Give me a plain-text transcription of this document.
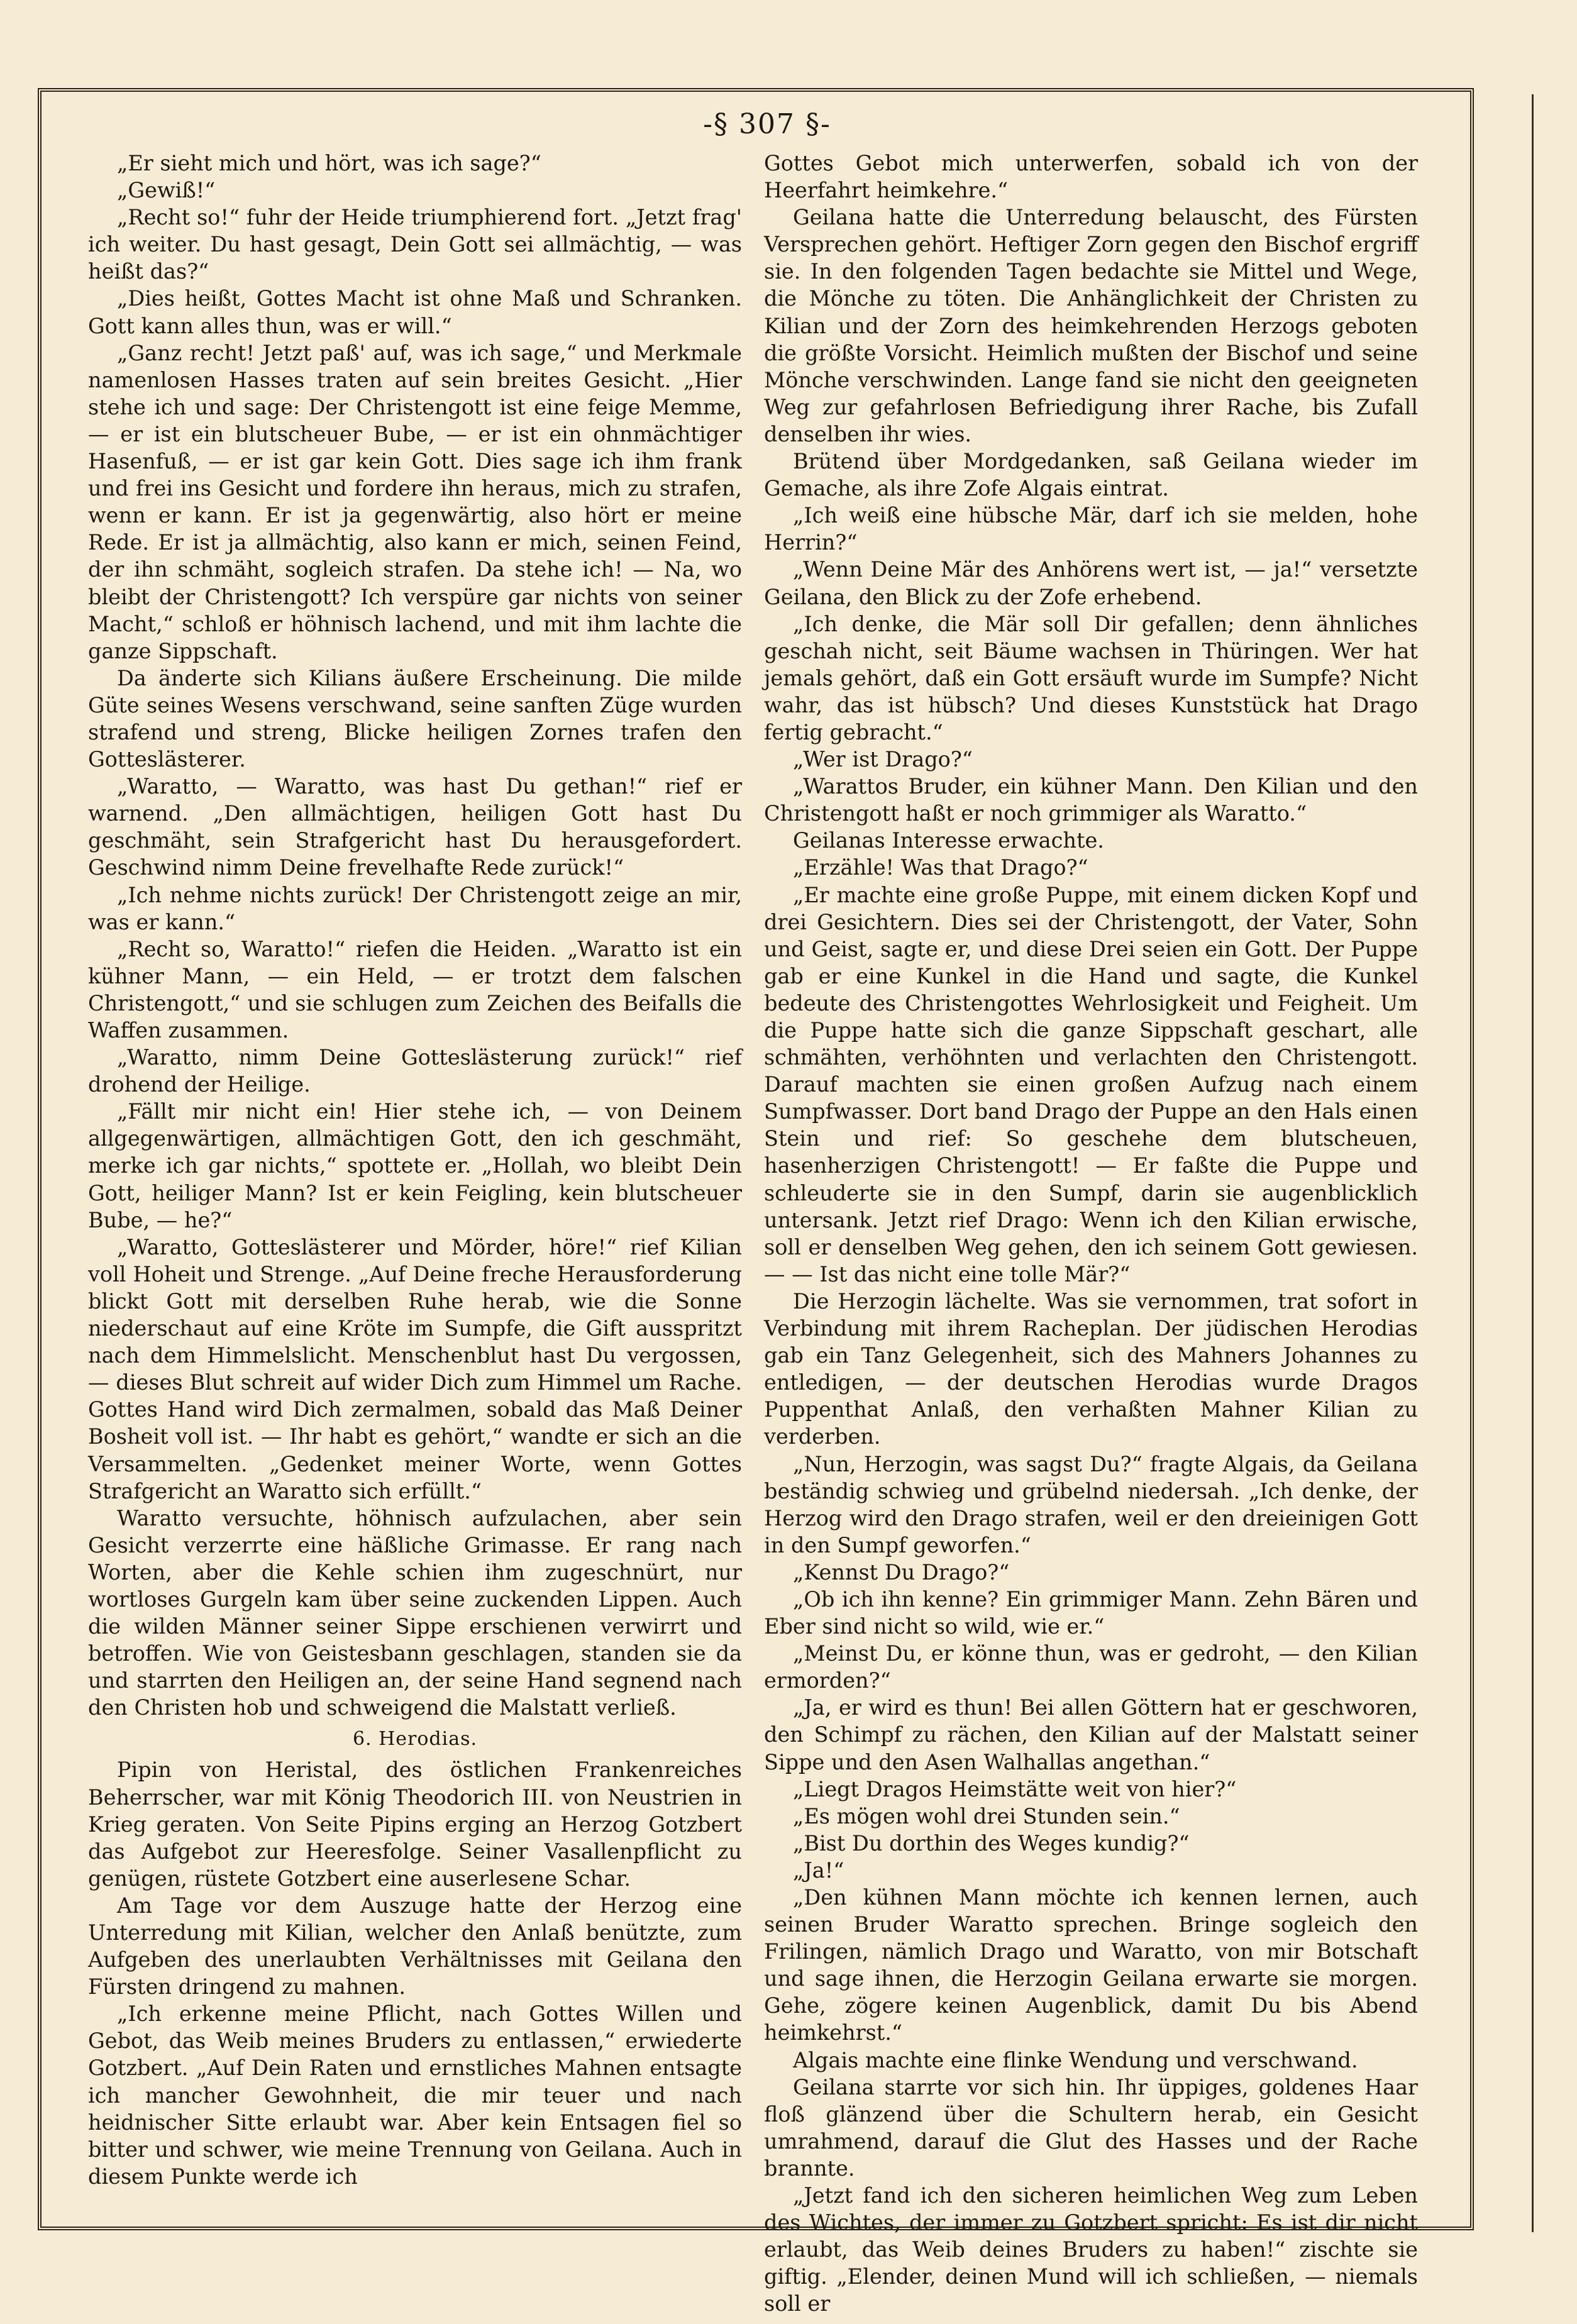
-§ 307 §-

„Er sieht mich und hört, was ich sage?“

„Gewiß!“

„Recht so!“ fuhr der Heide triumphierend fort. „Jetzt frag' ich weiter. Du hast gesagt, Dein Gott sei allmächtig, — was heißt das?“

„Dies heißt, Gottes Macht ist ohne Maß und Schranken. Gott kann alles thun, was er will.“

„Ganz recht! Jetzt paß' auf, was ich sage,“ und Merkmale namenlosen Hasses traten auf sein breites Gesicht. „Hier stehe ich und sage: Der Christengott ist eine feige Memme, — er ist ein blutscheuer Bube, — er ist ein ohnmächtiger Hasenfuß, — er ist gar kein Gott. Dies sage ich ihm frank und frei ins Gesicht und fordere ihn heraus, mich zu strafen, wenn er kann. Er ist ja gegenwärtig, also hört er meine Rede. Er ist ja allmächtig, also kann er mich, seinen Feind, der ihn schmäht, sogleich strafen. Da stehe ich! — Na, wo bleibt der Christengott? Ich verspüre gar nichts von seiner Macht,“ schloß er höhnisch lachend, und mit ihm lachte die ganze Sippschaft.

Da änderte sich Kilians äußere Erscheinung. Die milde Güte seines Wesens verschwand, seine sanften Züge wurden strafend und streng, Blicke heiligen Zornes trafen den Gotteslästerer.

„Waratto, — Waratto, was hast Du gethan!“ rief er warnend. „Den allmächtigen, heiligen Gott hast Du geschmäht, sein Strafgericht hast Du herausgefordert. Geschwind nimm Deine frevelhafte Rede zurück!“

„Ich nehme nichts zurück! Der Christengott zeige an mir, was er kann.“

„Recht so, Waratto!“ riefen die Heiden. „Waratto ist ein kühner Mann, — ein Held, — er trotzt dem falschen Christengott,“ und sie schlugen zum Zeichen des Beifalls die Waffen zusammen.

„Waratto, nimm Deine Gotteslästerung zurück!“ rief drohend der Heilige.

„Fällt mir nicht ein! Hier stehe ich, — von Deinem allgegenwärtigen, allmächtigen Gott, den ich geschmäht, merke ich gar nichts,“ spottete er. „Hollah, wo bleibt Dein Gott, heiliger Mann? Ist er kein Feigling, kein blutscheuer Bube, — he?“

„Waratto, Gotteslästerer und Mörder, höre!“ rief Kilian voll Hoheit und Strenge. „Auf Deine freche Herausforderung blickt Gott mit derselben Ruhe herab, wie die Sonne niederschaut auf eine Kröte im Sumpfe, die Gift ausspritzt nach dem Himmelslicht. Menschenblut hast Du vergossen, — dieses Blut schreit auf wider Dich zum Himmel um Rache. Gottes Hand wird Dich zermalmen, sobald das Maß Deiner Bosheit voll ist. — Ihr habt es gehört,“ wandte er sich an die Versammelten. „Gedenket meiner Worte, wenn Gottes Strafgericht an Waratto sich erfüllt.“

Waratto versuchte, höhnisch aufzulachen, aber sein Gesicht verzerrte eine häßliche Grimasse. Er rang nach Worten, aber die Kehle schien ihm zugeschnürt, nur wortloses Gurgeln kam über seine zuckenden Lippen. Auch die wilden Männer seiner Sippe erschienen verwirrt und betroffen. Wie von Geistesbann geschlagen, standen sie da und starrten den Heiligen an, der seine Hand segnend nach den Christen hob und schweigend die Malstatt verließ.

6. Herodias.

Pipin von Heristal, des östlichen Frankenreiches Beherrscher, war mit König Theodorich III. von Neustrien in Krieg geraten. Von Seite Pipins erging an Herzog Gotzbert das Aufgebot zur Heeresfolge. Seiner Vasallenpflicht zu genügen, rüstete Gotzbert eine auserlesene Schar.

Am Tage vor dem Auszuge hatte der Herzog eine Unterredung mit Kilian, welcher den Anlaß benützte, zum Aufgeben des unerlaubten Verhältnisses mit Geilana den Fürsten dringend zu mahnen.

„Ich erkenne meine Pflicht, nach Gottes Willen und Gebot, das Weib meines Bruders zu entlassen,“ erwiederte Gotzbert. „Auf Dein Raten und ernstliches Mahnen entsagte ich mancher Gewohnheit, die mir teuer und nach heidnischer Sitte erlaubt war. Aber kein Entsagen fiel so bitter und schwer, wie meine Trennung von Geilana. Auch in diesem Punkte werde ich

Gottes Gebot mich unterwerfen, sobald ich von der Heerfahrt heimkehre.“

Geilana hatte die Unterredung belauscht, des Fürsten Versprechen gehört. Heftiger Zorn gegen den Bischof ergriff sie. In den folgenden Tagen bedachte sie Mittel und Wege, die Mönche zu töten. Die Anhänglichkeit der Christen zu Kilian und der Zorn des heimkehrenden Herzogs geboten die größte Vorsicht. Heimlich mußten der Bischof und seine Mönche verschwinden. Lange fand sie nicht den geeigneten Weg zur gefahrlosen Befriedigung ihrer Rache, bis Zufall denselben ihr wies.

Brütend über Mordgedanken, saß Geilana wieder im Gemache, als ihre Zofe Algais eintrat.

„Ich weiß eine hübsche Mär, darf ich sie melden, hohe Herrin?“

„Wenn Deine Mär des Anhörens wert ist, — ja!“ versetzte Geilana, den Blick zu der Zofe erhebend.

„Ich denke, die Mär soll Dir gefallen; denn ähnliches geschah nicht, seit Bäume wachsen in Thüringen. Wer hat jemals gehört, daß ein Gott ersäuft wurde im Sumpfe? Nicht wahr, das ist hübsch? Und dieses Kunststück hat Drago fertig gebracht.“

„Wer ist Drago?“

„Warattos Bruder, ein kühner Mann. Den Kilian und den Christengott haßt er noch grimmiger als Waratto.“

Geilanas Interesse erwachte.

„Erzähle! Was that Drago?“

„Er machte eine große Puppe, mit einem dicken Kopf und drei Gesichtern. Dies sei der Christengott, der Vater, Sohn und Geist, sagte er, und diese Drei seien ein Gott. Der Puppe gab er eine Kunkel in die Hand und sagte, die Kunkel bedeute des Christengottes Wehrlosigkeit und Feigheit. Um die Puppe hatte sich die ganze Sippschaft geschart, alle schmähten, verhöhnten und verlachten den Christengott. Darauf machten sie einen großen Aufzug nach einem Sumpfwasser. Dort band Drago der Puppe an den Hals einen Stein und rief: So geschehe dem blutscheuen, hasenherzigen Christengott! — Er faßte die Puppe und schleuderte sie in den Sumpf, darin sie augenblicklich untersank. Jetzt rief Drago: Wenn ich den Kilian erwische, soll er denselben Weg gehen, den ich seinem Gott gewiesen. — — Ist das nicht eine tolle Mär?“

Die Herzogin lächelte. Was sie vernommen, trat sofort in Verbindung mit ihrem Racheplan. Der jüdischen Herodias gab ein Tanz Gelegenheit, sich des Mahners Johannes zu entledigen, — der deutschen Herodias wurde Dragos Puppenthat Anlaß, den verhaßten Mahner Kilian zu verderben.

„Nun, Herzogin, was sagst Du?“ fragte Algais, da Geilana beständig schwieg und grübelnd niedersah. „Ich denke, der Herzog wird den Drago strafen, weil er den dreieinigen Gott in den Sumpf geworfen.“

„Kennst Du Drago?“

„Ob ich ihn kenne? Ein grimmiger Mann. Zehn Bären und Eber sind nicht so wild, wie er.“

„Meinst Du, er könne thun, was er gedroht, — den Kilian ermorden?“

„Ja, er wird es thun! Bei allen Göttern hat er geschworen, den Schimpf zu rächen, den Kilian auf der Malstatt seiner Sippe und den Asen Walhallas angethan.“

„Liegt Dragos Heimstätte weit von hier?“

„Es mögen wohl drei Stunden sein.“

„Bist Du dorthin des Weges kundig?“

„Ja!“

„Den kühnen Mann möchte ich kennen lernen, auch seinen Bruder Waratto sprechen. Bringe sogleich den Frilingen, nämlich Drago und Waratto, von mir Botschaft und sage ihnen, die Herzogin Geilana erwarte sie morgen. Gehe, zögere keinen Augenblick, damit Du bis Abend heimkehrst.“

Algais machte eine flinke Wendung und verschwand.

Geilana starrte vor sich hin. Ihr üppiges, goldenes Haar floß glänzend über die Schultern herab, ein Gesicht umrahmend, darauf die Glut des Hasses und der Rache brannte.

„Jetzt fand ich den sicheren heimlichen Weg zum Leben des Wichtes, der immer zu Gotzbert spricht: Es ist dir nicht erlaubt, das Weib deines Bruders zu haben!“ zischte sie giftig. „Elender, deinen Mund will ich schließen, — niemals soll er
